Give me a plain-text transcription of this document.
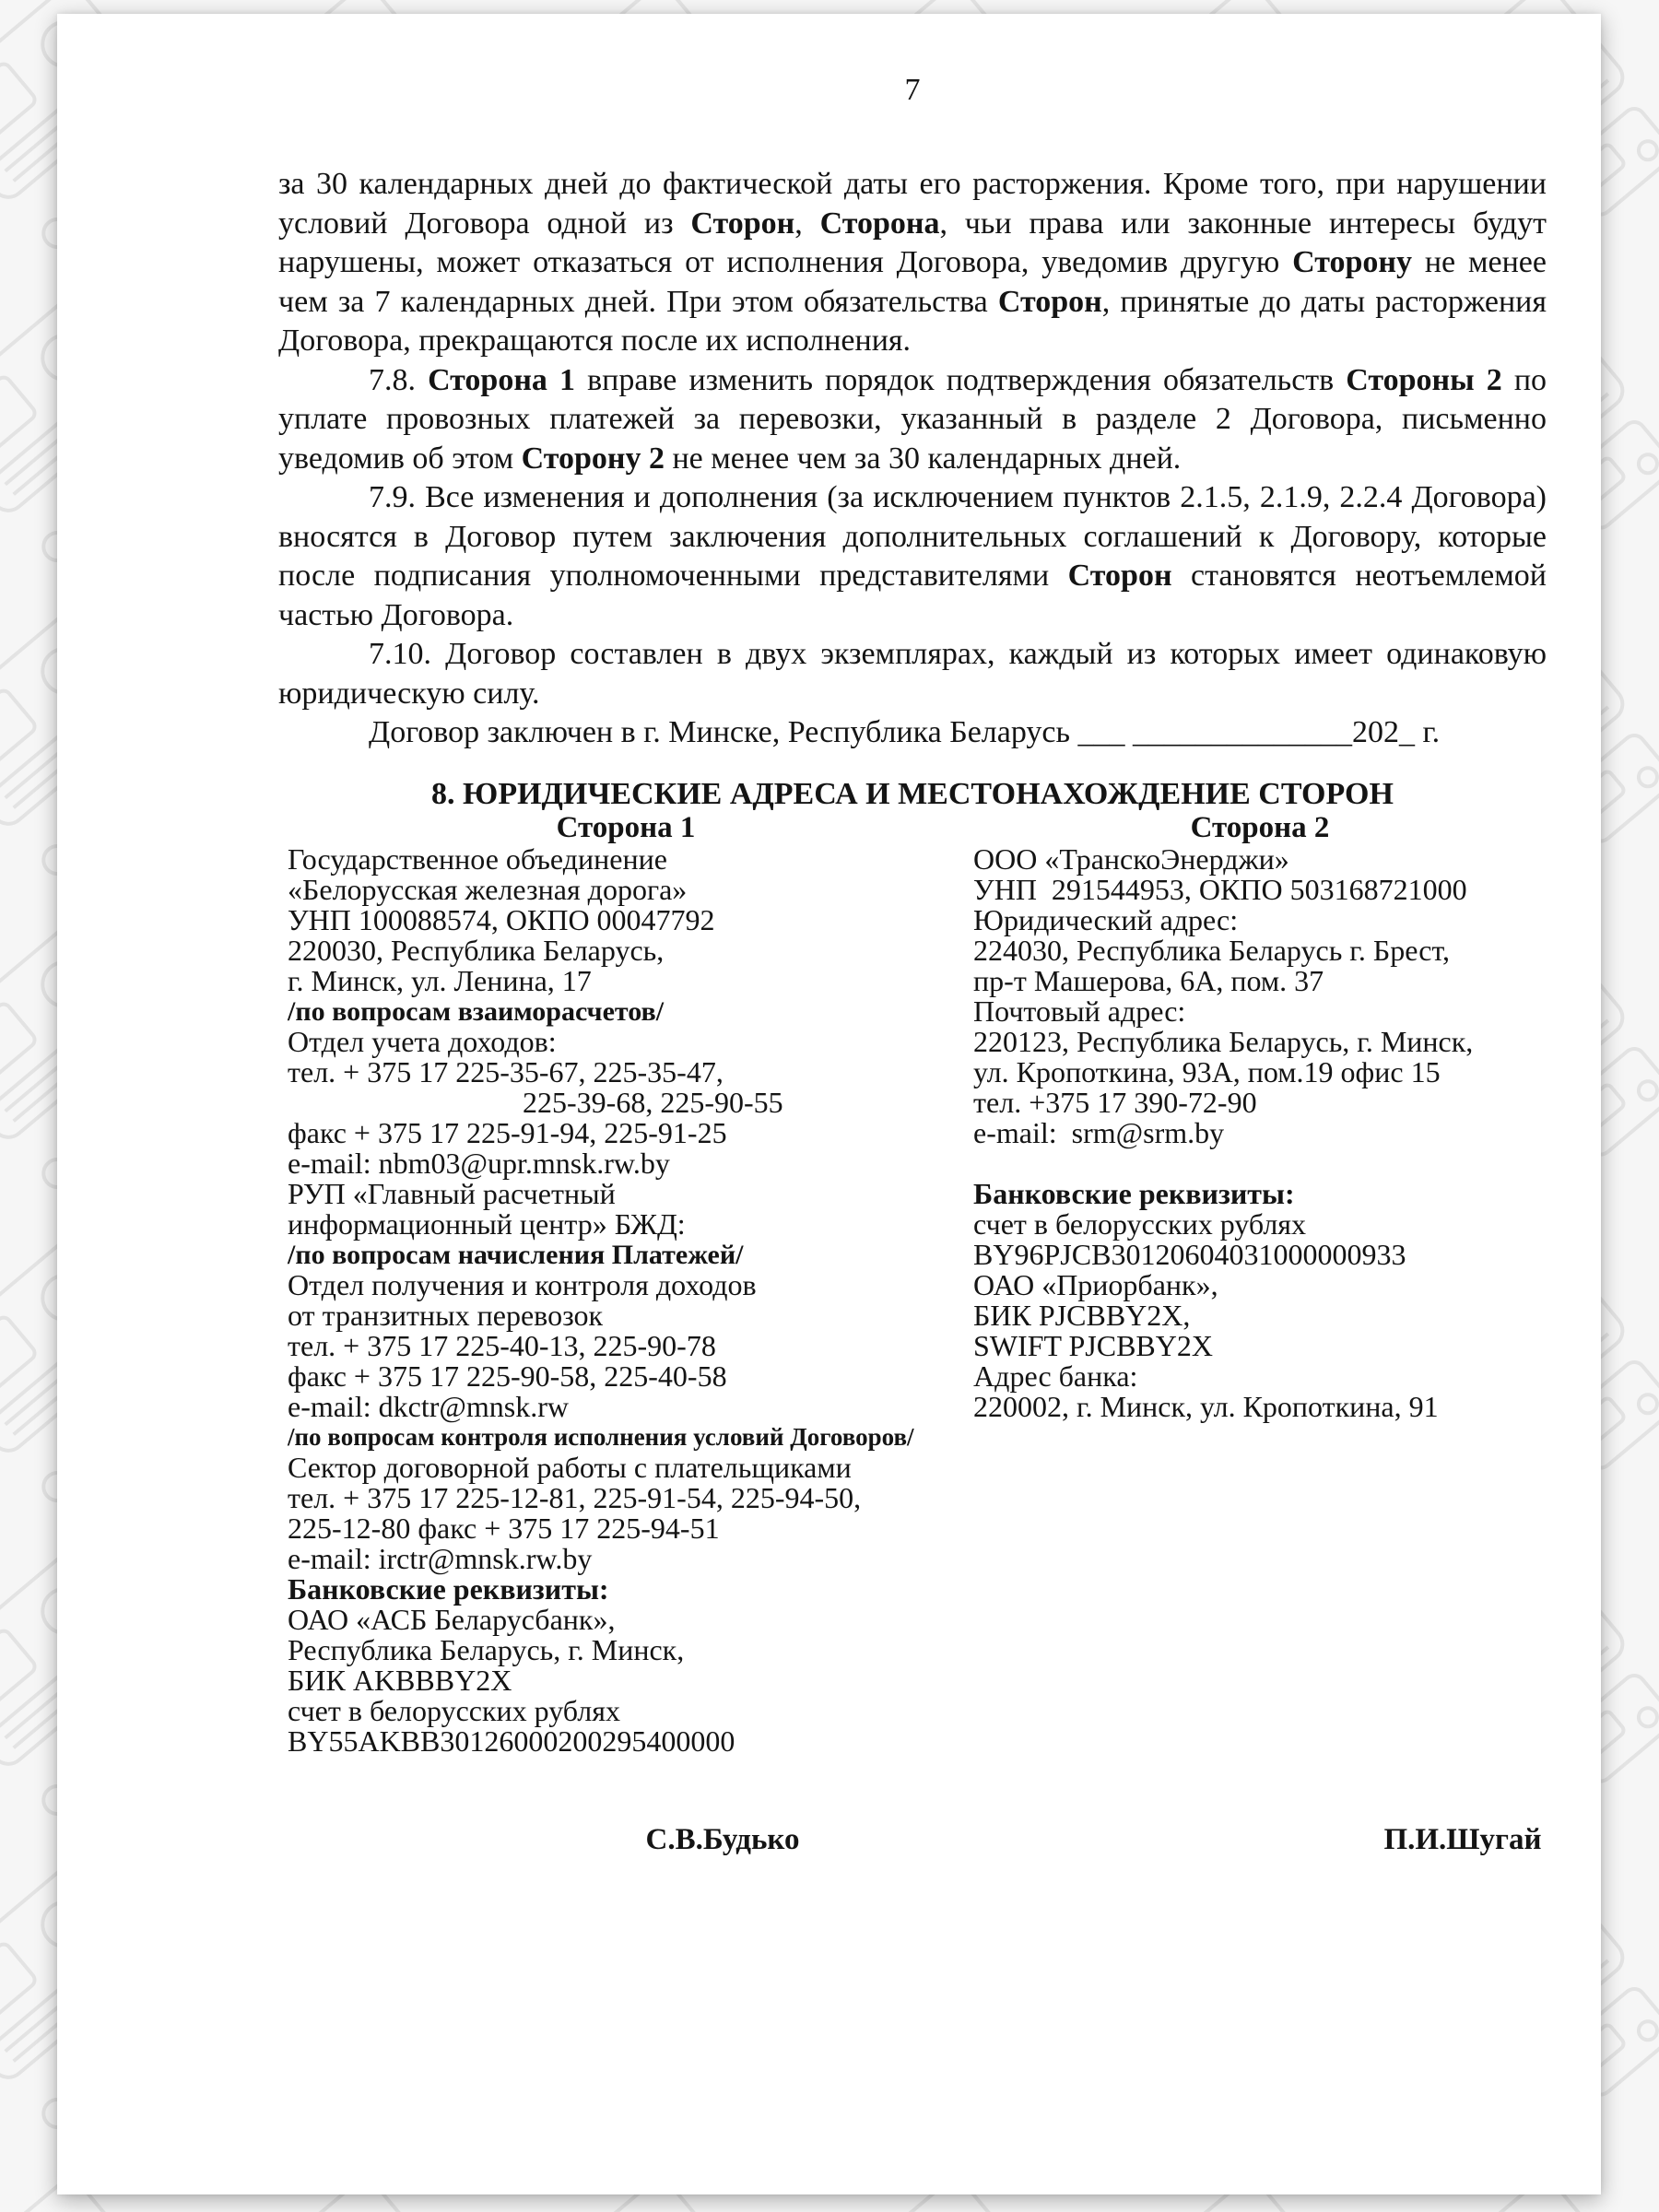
7

за 30 календарных дней до фактической даты его расторжения. Кроме того, при нарушении условий Договора одной из Сторон, Сторона, чьи права или законные интересы будут нарушены, может отказаться от исполнения Договора, уведомив другую Сторону не менее чем за 7 календарных дней. При этом обязательства Сторон, принятые до даты расторжения Договора, прекращаются после их исполнения.

7.8. Сторона 1 вправе изменить порядок подтверждения обязательств Стороны 2 по уплате провозных платежей за перевозки, указанный в разделе 2 Договора, письменно уведомив об этом Сторону 2 не менее чем за 30 календарных дней.

7.9. Все изменения и дополнения (за исключением пунктов 2.1.5, 2.1.9, 2.2.4 Договора) вносятся в Договор путем заключения дополнительных соглашений к Договору, которые после подписания уполномоченными представителями Сторон становятся неотъемлемой частью Договора.

7.10. Договор составлен в двух экземплярах, каждый из которых имеет одинаковую юридическую силу.

Договор заключен в г. Минске, Республика Беларусь ___ ______________202_ г.

8. ЮРИДИЧЕСКИЕ АДРЕСА И МЕСТОНАХОЖДЕНИЕ СТОРОН
Сторона 1	Сторона 2
Государственное объединение
«Белорусская железная дорога»
УНП 100088574, ОКПО 00047792
220030, Республика Беларусь,
г. Минск, ул. Ленина, 17
/по вопросам взаиморасчетов/
Отдел учета доходов:
тел. + 375 17 225-35-67, 225-35-47,
225-39-68, 225-90-55
факс + 375 17 225-91-94, 225-91-25
e-mail: nbm03@upr.mnsk.rw.by
РУП «Главный расчетный
информационный центр» БЖД:
/по вопросам начисления Платежей/
Отдел получения и контроля доходов
от транзитных перевозок
тел. + 375 17 225-40-13, 225-90-78
факс + 375 17 225-90-58, 225-40-58
e-mail: dkctr@mnsk.rw
/по вопросам контроля исполнения условий Договоров/
Сектор договорной работы с плательщиками
тел. + 375 17 225-12-81, 225-91-54, 225-94-50,
225-12-80 факс + 375 17 225-94-51
e-mail: irctr@mnsk.rw.by
Банковские реквизиты:
ОАО «АСБ Беларусбанк»,
Республика Беларусь, г. Минск,
БИК AKBBBY2X
счет в белорусских рублях
BY55AKBB30126000200295400000
ООО «ТранскоЭнерджи»
УНП  291544953, ОКПО 503168721000
Юридический адрес:
224030, Республика Беларусь г. Брест,
пр-т Машерова, 6А, пом. 37
Почтовый адрес:
220123, Республика Беларусь, г. Минск,
ул. Кропоткина, 93А, пом.19 офис 15
тел. +375 17 390-72-90
e-mail:  srm@srm.by

Банковские реквизиты:
счет в белорусских рублях
BY96PJCB30120604031000000933
ОАО «Приорбанк»,
БИК PJCBBY2X,
SWIFT PJCBBY2X
Адрес банка:
220002, г. Минск, ул. Кропоткина, 91
С.В.Будько	П.И.Шугай
